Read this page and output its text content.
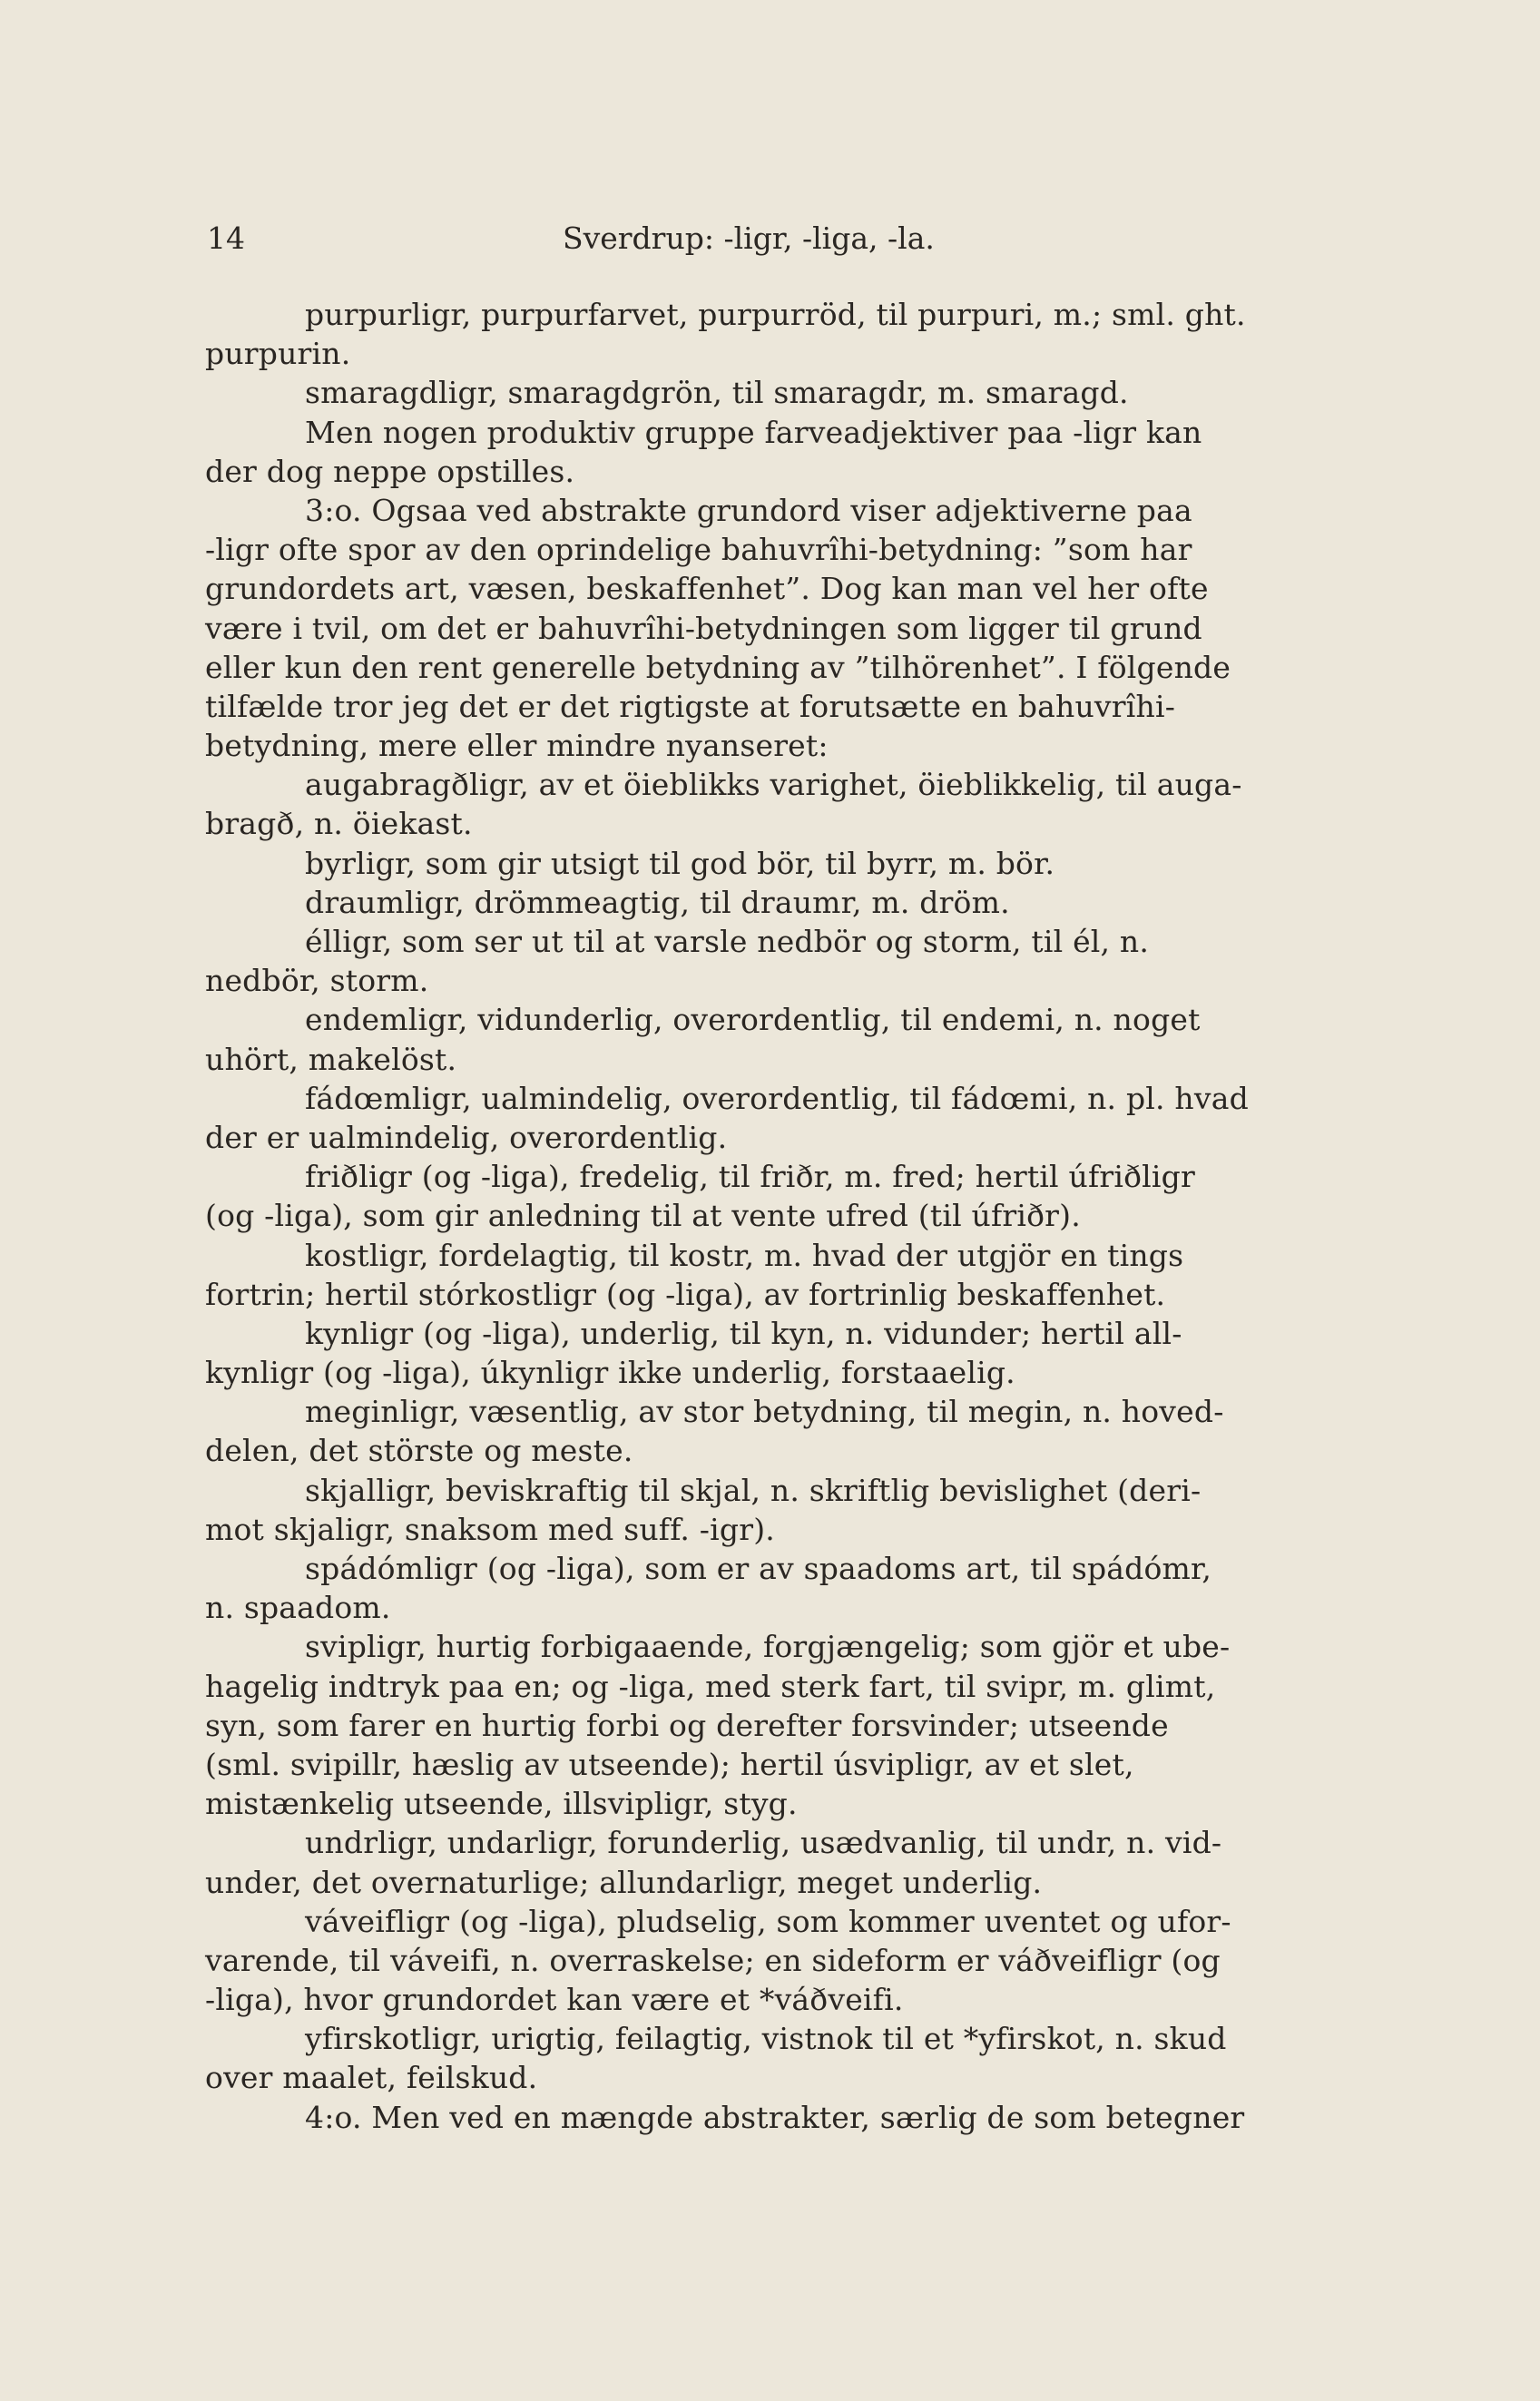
14	Sverdrup: -ligr, -liga, -la.
purpurligr, purpurfarvet, purpurröd, til purpuri, m.; sml. ght.
purpurin.
smaragdligr, smaragdgrön, til smaragdr, m. smaragd.
Men nogen produktiv gruppe farveadjektiver paa -ligr kan
der dog neppe opstilles.
3:o. Ogsaa ved abstrakte grundord viser adjektiverne paa
-ligr ofte spor av den oprindelige bahuvrîhi-betydning: ”som har
grundordets art, væsen, beskaffenhet”. Dog kan man vel her ofte
være i tvil, om det er bahuvrîhi-betydningen som ligger til grund
eller kun den rent generelle betydning av ”tilhörenhet”. I fölgende
tilfælde tror jeg det er det rigtigste at forutsætte en bahuvrîhi-
betydning, mere eller mindre nyanseret:
augabragðligr, av et öieblikks varighet, öieblikkelig, til auga-
bragð, n. öiekast.
byrligr, som gir utsigt til god bör, til byrr, m. bör.
draumligr, drömmeagtig, til draumr, m. dröm.
élligr, som ser ut til at varsle nedbör og storm, til él, n.
nedbör, storm.
endemligr, vidunderlig, overordentlig, til endemi, n. noget
uhört, makelöst.
fádœmligr, ualmindelig, overordentlig, til fádœmi, n. pl. hvad
der er ualmindelig, overordentlig.
friðligr (og -liga), fredelig, til friðr, m. fred; hertil úfriðligr
(og -liga), som gir anledning til at vente ufred (til úfriðr).
kostligr, fordelagtig, til kostr, m. hvad der utgjör en tings
fortrin; hertil stórkostligr (og -liga), av fortrinlig beskaffenhet.
kynligr (og -liga), underlig, til kyn, n. vidunder; hertil all-
kynligr (og -liga), úkynligr ikke underlig, forstaaelig.
meginligr, væsentlig, av stor betydning, til megin, n. hoved-
delen, det störste og meste.
skjalligr, beviskraftig til skjal, n. skriftlig bevislighet (deri-
mot skjaligr, snaksom med suff. -igr).
spádómligr (og -liga), som er av spaadoms art, til spádómr,
n. spaadom.
svipligr, hurtig forbigaaende, forgjængelig; som gjör et ube-
hagelig indtryk paa en; og -liga, med sterk fart, til svipr, m. glimt,
syn, som farer en hurtig forbi og derefter forsvinder; utseende
(sml. svipillr, hæslig av utseende); hertil úsvipligr, av et slet,
mistænkelig utseende, illsvipligr, styg.
undrligr, undarligr, forunderlig, usædvanlig, til undr, n. vid-
under, det overnaturlige; allundarligr, meget underlig.
váveifligr (og -liga), pludselig, som kommer uventet og ufor-
varende, til váveifi, n. overraskelse; en sideform er váðveifligr (og
-liga), hvor grundordet kan være et *váðveifi.
yfirskotligr, urigtig, feilagtig, vistnok til et *yfirskot, n. skud
over maalet, feilskud.
4:o. Men ved en mængde abstrakter, særlig de som betegner
